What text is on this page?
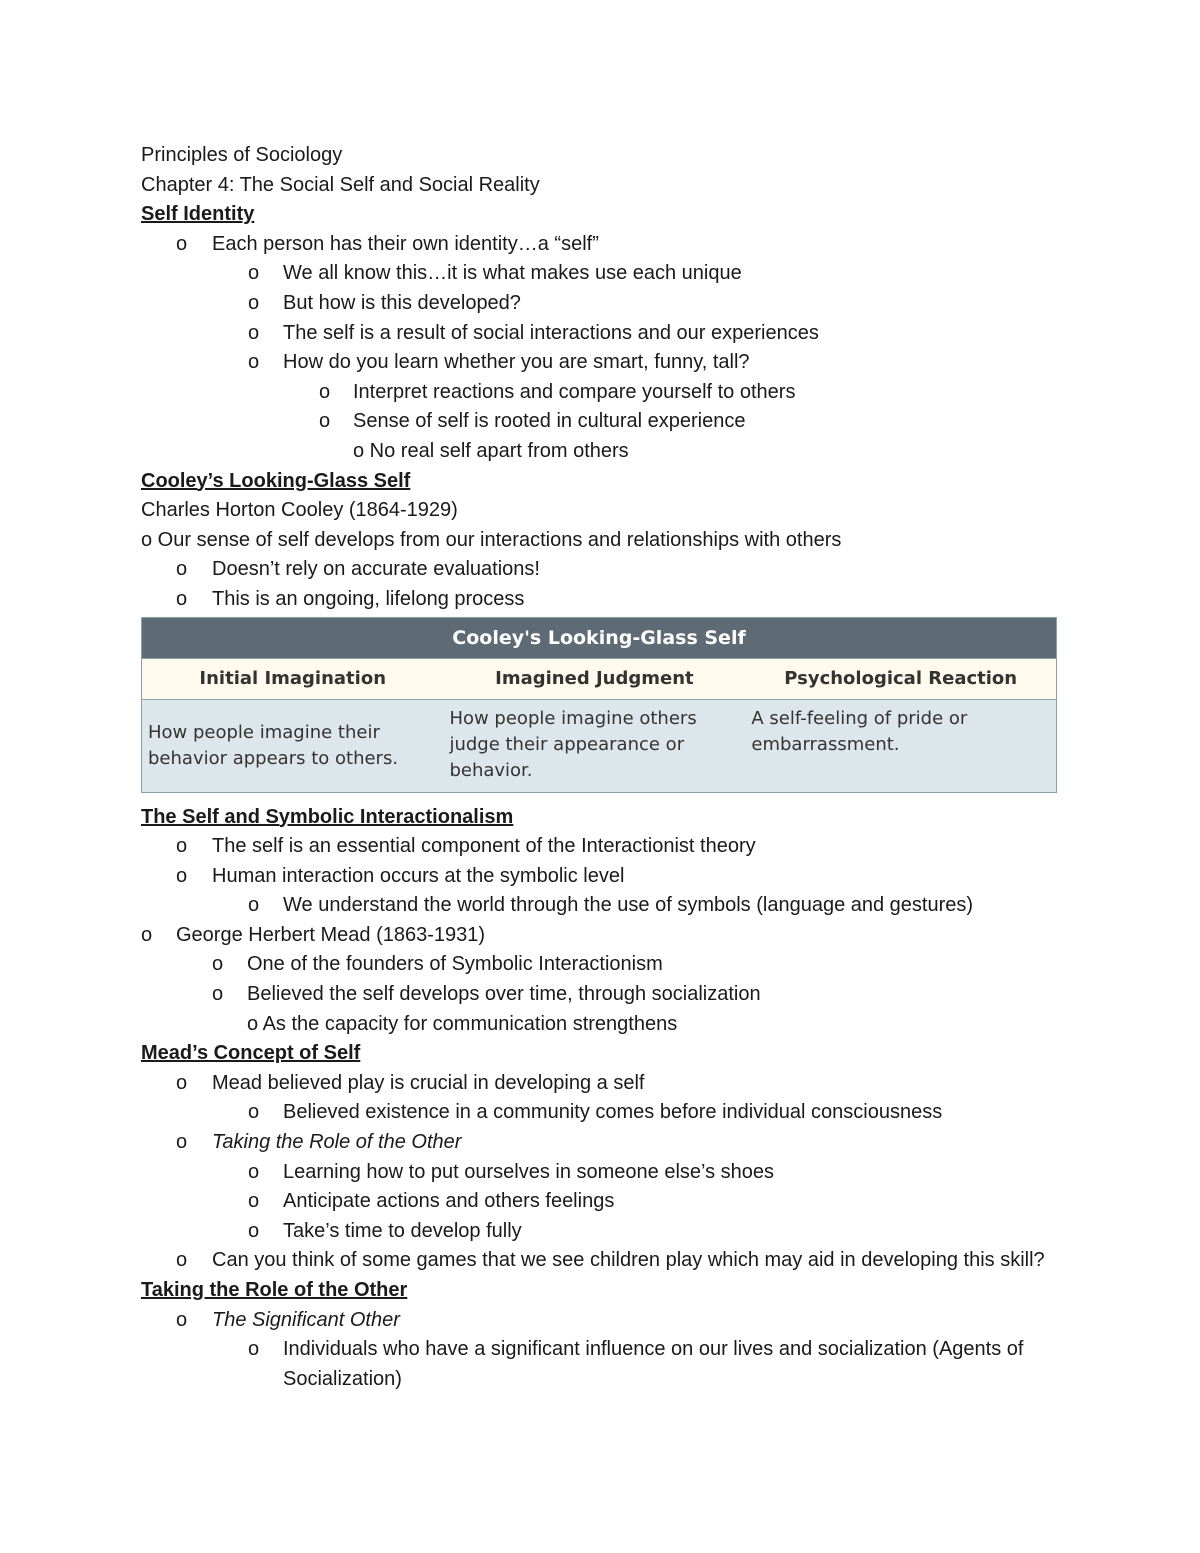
Principles of Sociology
Chapter 4: The Social Self and Social Reality
Self Identity
o Each person has their own identity…a “self”
o We all know this…it is what makes use each unique
o But how is this developed?
o The self is a result of social interactions and our experiences
o How do you learn whether you are smart, funny, tall?
o Interpret reactions and compare yourself to others
o Sense of self is rooted in cultural experience
o No real self apart from others
Cooley’s Looking-Glass Self
Charles Horton Cooley (1864-1929)
o Our sense of self develops from our interactions and relationships with others
o Doesn’t rely on accurate evaluations!
o This is an ongoing, lifelong process
Cooley's Looking-Glass Self		
Initial Imagination	Imagined Judgment	Psychological Reaction
How people imagine their behavior appears to others.	How people imagine others judge their appearance or behavior.	A self-feeling of pride or embarrassment.
The Self and Symbolic Interactionalism
o The self is an essential component of the Interactionist theory
o Human interaction occurs at the symbolic level
o We understand the world through the use of symbols (language and gestures)
o George Herbert Mead (1863-1931)
o One of the founders of Symbolic Interactionism
o Believed the self develops over time, through socialization
o As the capacity for communication strengthens
Mead’s Concept of Self
o Mead believed play is crucial in developing a self
o Believed existence in a community comes before individual consciousness
o Taking the Role of the Other
o Learning how to put ourselves in someone else’s shoes
o Anticipate actions and others feelings
o Take’s time to develop fully
o Can you think of some games that we see children play which may aid in developing this skill?
Taking the Role of the Other
o The Significant Other
o Individuals who have a significant influence on our lives and socialization (Agents of Socialization)
